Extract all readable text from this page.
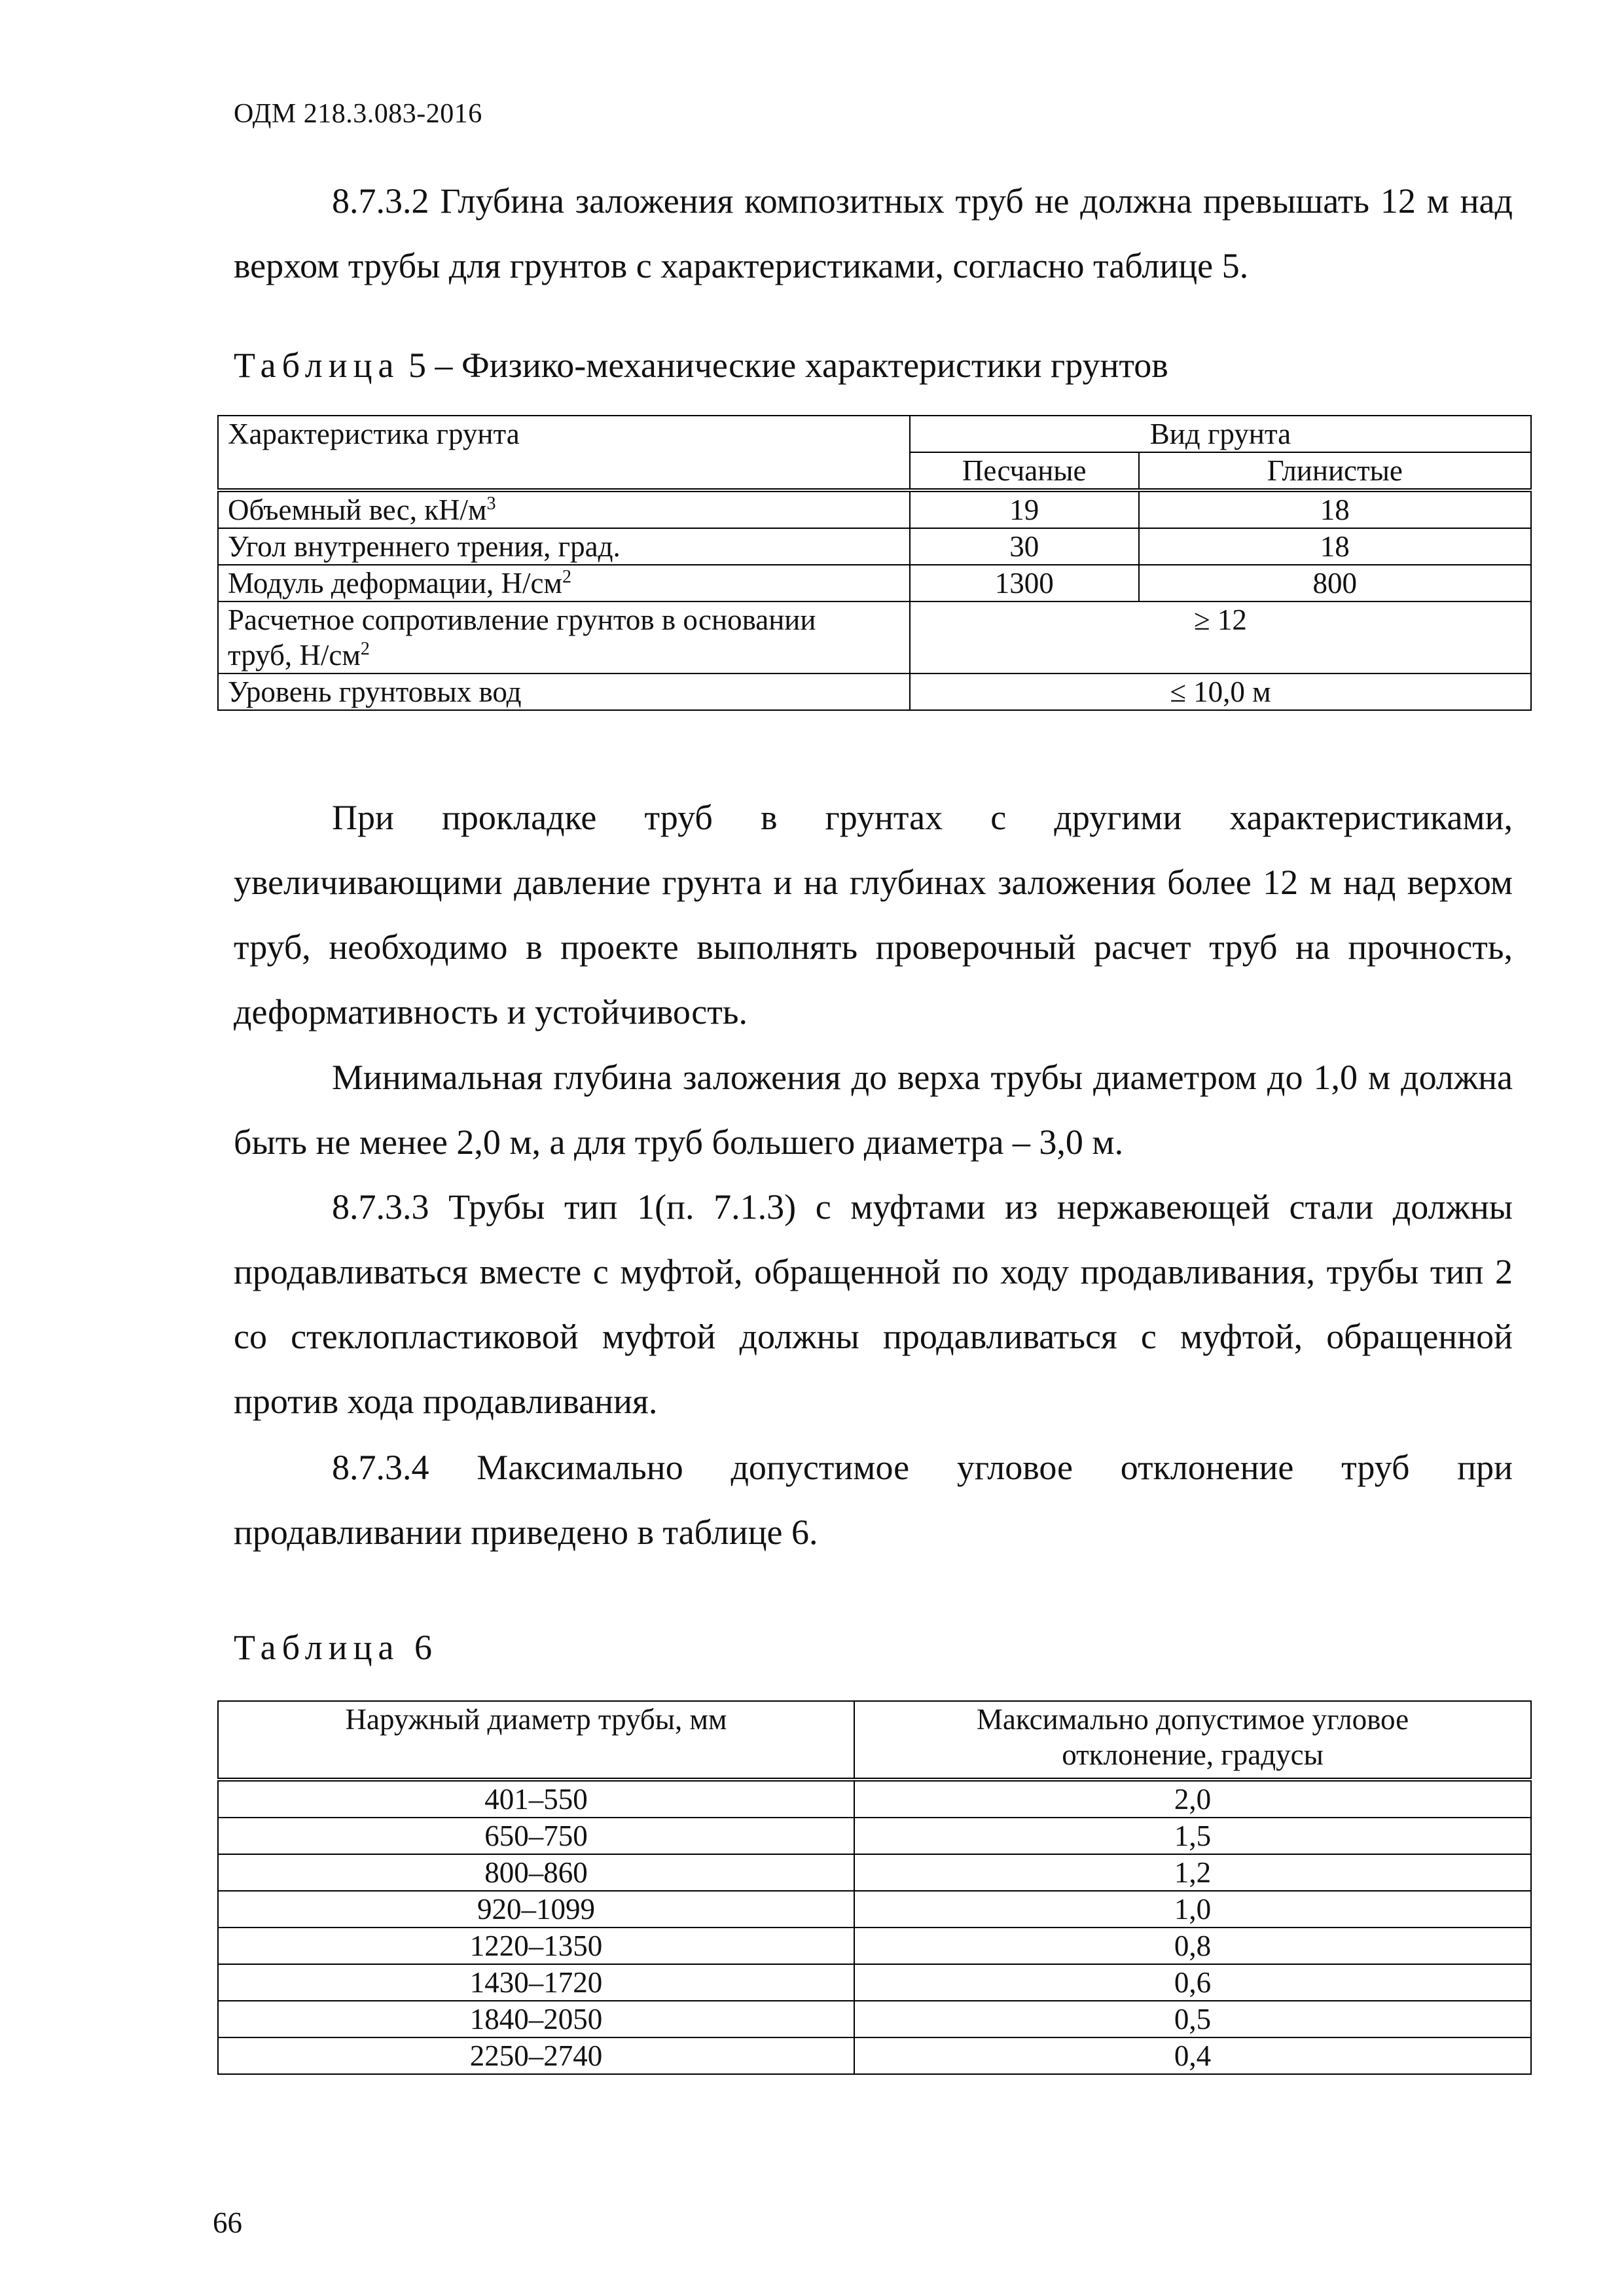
ОДМ 218.3.083-2016

8.7.3.2 Глубина заложения композитных труб не должна превышать 12 м над верхом трубы для грунтов с характеристиками, согласно таблице 5.

Таблица 5 – Физико-механические характеристики грунтов

Характеристика грунта	Вид грунта	
	Песчаные	Глинистые
Объемный вес, $кН/м^3$	19	18
Угол внутреннего трения, град.	30	18
Модуль деформации, $Н/см^2$	1300	800
Расчетное сопротивление грунтов в основании
труб, $Н/см^2$	≥ 12	
Уровень грунтовых вод	≤ 10,0 м	

При прокладке труб в грунтах с другими характеристиками, увеличивающими давление грунта и на глубинах заложения более 12 м над верхом труб, необходимо в проекте выполнять проверочный расчет труб на прочность, деформативность и устойчивость.

Минимальная глубина заложения до верха трубы диаметром до 1,0 м должна быть не менее 2,0 м, а для труб большего диаметра – 3,0 м.

8.7.3.3 Трубы тип 1(п. 7.1.3) с муфтами из нержавеющей стали должны продавливаться вместе с муфтой, обращенной по ходу продавливания, трубы тип 2 со стеклопластиковой муфтой должны продавливаться с муфтой, обращенной против хода продавливания.

8.7.3.4 Максимально допустимое угловое отклонение труб при продавливании приведено в таблице 6.

Таблица 6

Наружный диаметр трубы, мм	Максимально допустимое угловое
отклонение, градусы
401–550	2,0
650–750	1,5
800–860	1,2
920–1099	1,0
1220–1350	0,8
1430–1720	0,6
1840–2050	0,5
2250–2740	0,4
66
